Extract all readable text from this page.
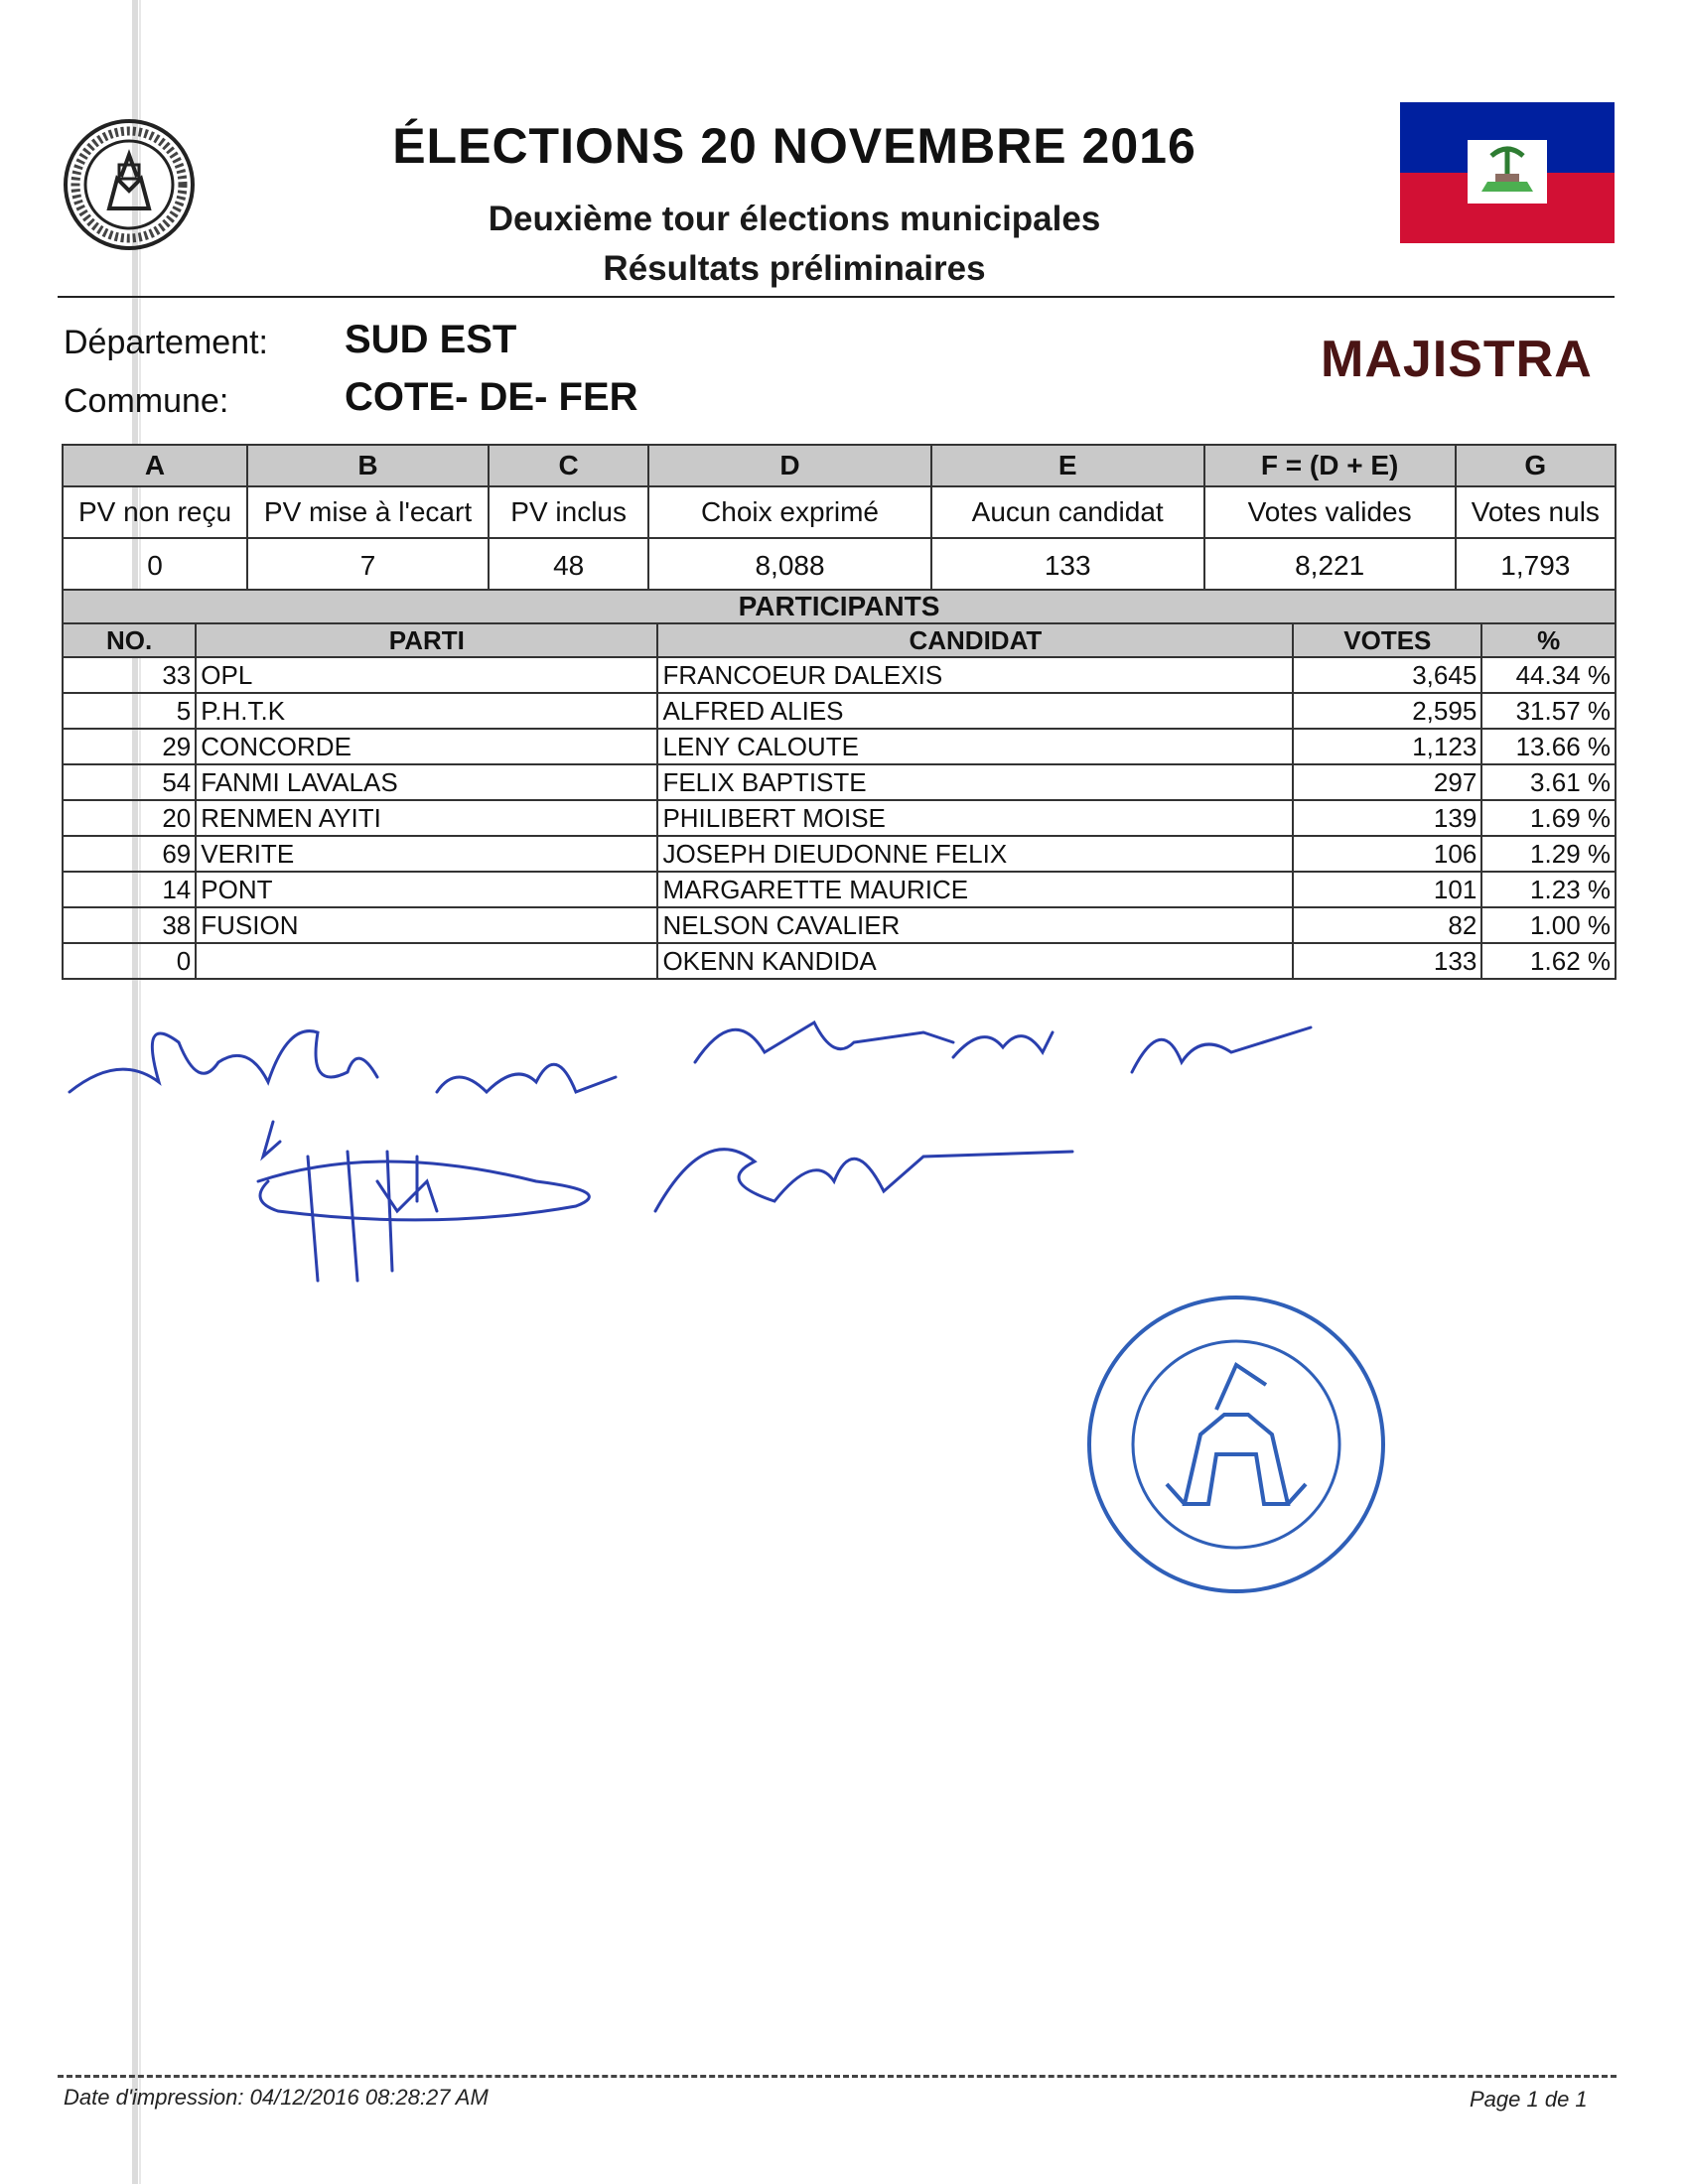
ÉLECTIONS 20 NOVEMBRE 2016
Deuxième tour élections municipales
Résultats préliminaires
Département: SUD EST
Commune:	COTE- DE- FER
MAJISTRA
A	B	C	D	E	F = (D + E)	G
PV non reçu	PV mise à l'ecart	PV inclus	Choix exprimé	Aucun candidat	Votes valides	Votes nuls
0	7	48	8,088	133	8,221	1,793
PARTICIPANTS				
NO.	PARTI	CANDIDAT	VOTES	%
33	OPL	FRANCOEUR DALEXIS	3,645	44.34 %
5	P.H.T.K	ALFRED ALIES	2,595	31.57 %
29	CONCORDE	LENY CALOUTE	1,123	13.66 %
54	FANMI LAVALAS	FELIX BAPTISTE	297	3.61 %
20	RENMEN AYITI	PHILIBERT MOISE	139	1.69 %
69	VERITE	JOSEPH DIEUDONNE FELIX	106	1.29 %
14	PONT	MARGARETTE MAURICE	101	1.23 %
38	FUSION	NELSON CAVALIER	82	1.00 %
0		OKENN KANDIDA	133	1.62 %
Date d'impression: 04/12/2016 08:28:27 AM	Page 1 de 1
